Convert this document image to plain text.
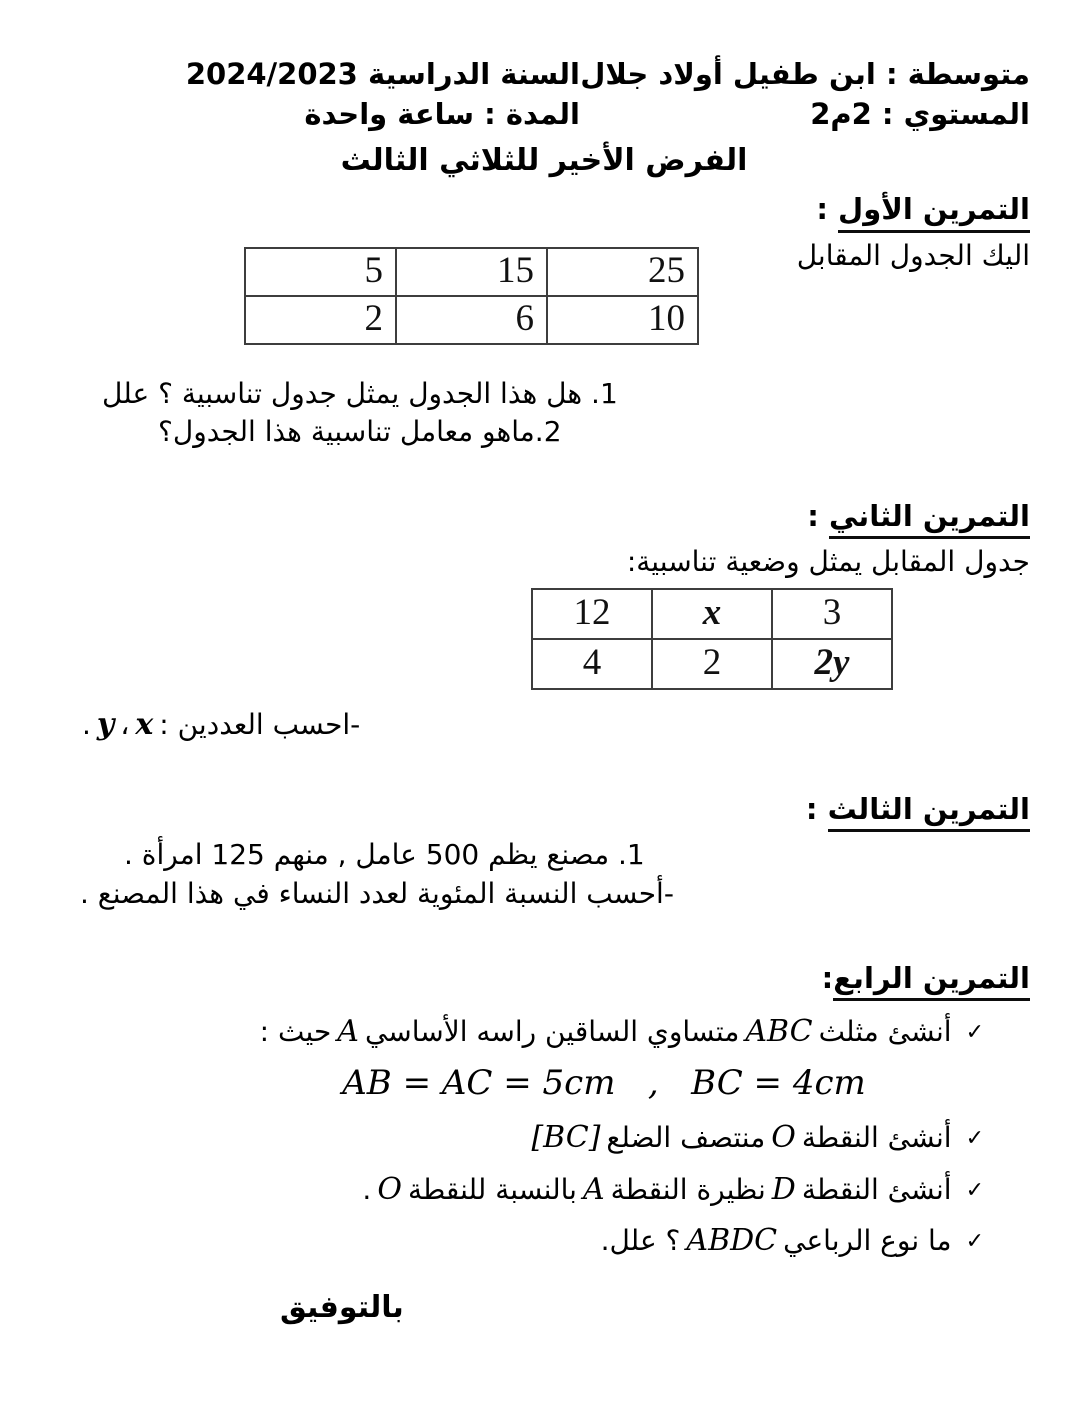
متوسطة : ابن طفيل أولاد جلال
السنة الدراسية 2024/2023
المستوي : 2م2
المدة : ساعة واحدة
الفرض الأخير للثلاثي الثالث
التمرين الأول :
اليك الجدول المقابل
5	15	25
2	6	10
1. هل هذا الجدول يمثل جدول تناسبية ؟ علل
2.ماهو معامل تناسبية هذا الجدول؟
التمرين الثاني :
جدول المقابل يمثل وضعية تناسبية:
12	x	3
4	2	2y
-احسب العددين :x،y.
التمرين الثالث :
1. مصنع يظم 500 عامل , منهم 125 امرأة .
-أحسب النسبة المئوية لعدد النساء في هذا المصنع .
التمرين الرابع:
✓أنشئ مثلثABCمتساوي الساقين راسه الأساسيAحيث :
AB = AC = 5cm   ,   BC = 4cm
✓أنشئ النقطةOمنتصف الضلع[BC]
✓أنشئ النقطةDنظيرة النقطةAبالنسبة للنقطةO.
✓ما نوع الرباعيABDC؟ علل.
بالتوفيق
